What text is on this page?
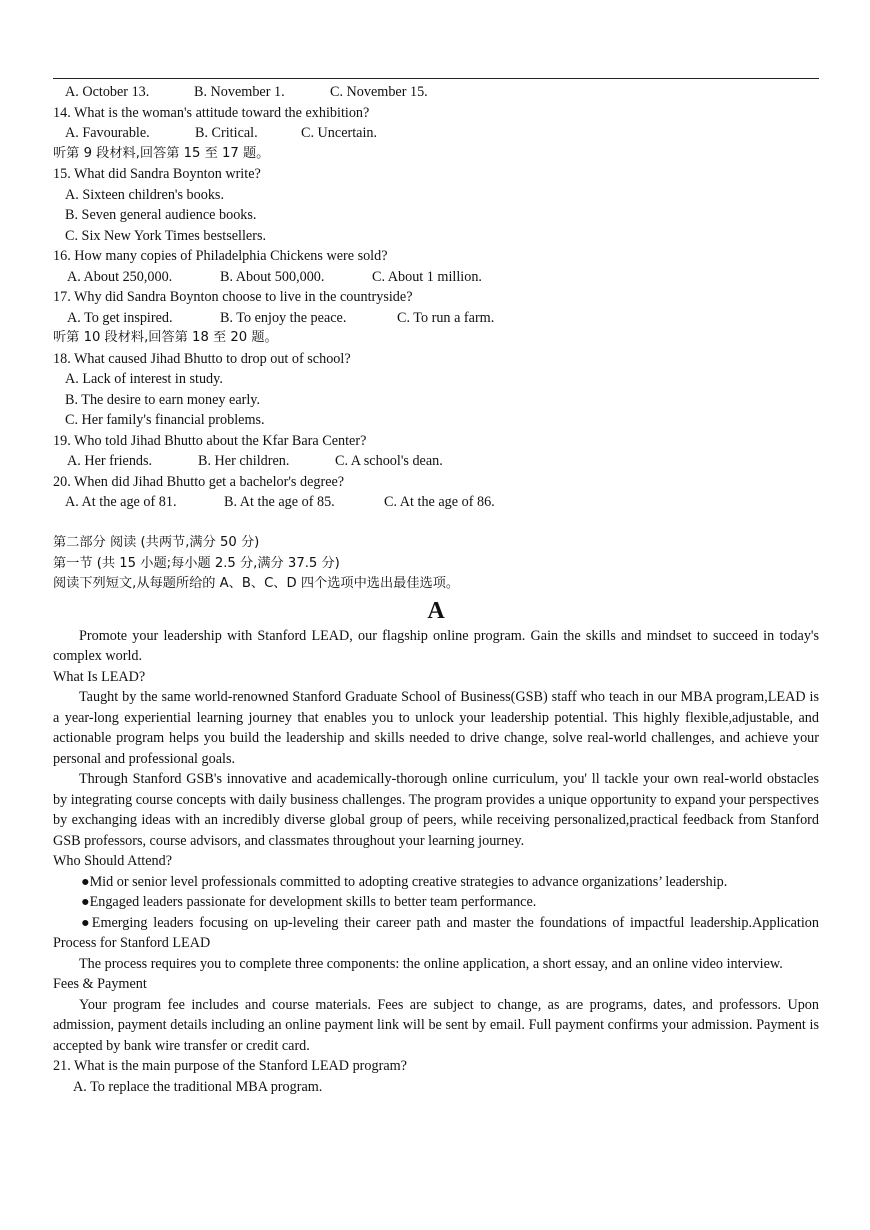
A. October 13.	B. November 1.	C. November 15.
14. What is the woman's attitude toward the exhibition?
A. Favourable.	B. Critical.	C. Uncertain.
听第 9 段材料,回答第 15 至 17 题。
15. What did Sandra Boynton write?
A. Sixteen children's books.
B. Seven general audience books.
C. Six New York Times bestsellers.
16. How many copies of Philadelphia Chickens were sold?
A. About 250,000.	B. About 500,000.	C. About 1 million.
17. Why did Sandra Boynton choose to live in the countryside?
A. To get inspired.	B. To enjoy the peace.	C. To run a farm.
听第 10 段材料,回答第 18 至 20 题。
18. What caused Jihad Bhutto to drop out of school?
A. Lack of interest in study.
B. The desire to earn money early.
C. Her family's financial problems.
19. Who told Jihad Bhutto about the Kfar Bara Center?
A. Her friends.	B. Her children.	C. A school's dean.
20. When did Jihad Bhutto get a bachelor's degree?
A. At the age of 81.	B. At the age of 85.	C. At the age of 86.
第二部分 阅读 (共两节,满分 50 分)
第一节 (共 15 小题;每小题 2.5 分,满分 37.5 分)
阅读下列短文,从每题所给的 A、B、C、D 四个选项中选出最佳选项。
A

Promote your leadership with Stanford LEAD, our flagship online program. Gain the skills and mindset to succeed in today's complex world.

What Is LEAD?

Taught by the same world-renowned Stanford Graduate School of Business(GSB) staff who teach in our MBA program,LEAD is a year-long experiential learning journey that enables you to unlock your leadership potential. This highly flexible,adjustable, and actionable program helps you build the leadership and skills needed to drive change, solve real-world challenges, and achieve your personal and professional goals.

Through Stanford GSB's innovative and academically-thorough online curriculum, you' ll tackle your own real-world obstacles by integrating course concepts with daily business challenges. The program provides a unique opportunity to expand your perspectives by exchanging ideas with an incredibly diverse global group of peers, while receiving personalized,practical feedback from Stanford GSB professors, course advisors, and classmates throughout your learning journey.

Who Should Attend?

●Mid or senior level professionals committed to adopting creative strategies to advance organizations’ leadership.

●Engaged leaders passionate for development skills to better team performance.

●Emerging leaders focusing on up-leveling their career path and master the foundations of impactful leadership.Application Process for Stanford LEAD

The process requires you to complete three components: the online application, a short essay, and an online video interview.

Fees & Payment

Your program fee includes and course materials. Fees are subject to change, as are programs, dates, and professors. Upon admission, payment details including an online payment link will be sent by email. Full payment confirms your admission. Payment is accepted by bank wire transfer or credit card.

21. What is the main purpose of the Stanford LEAD program?
A. To replace the traditional MBA program.
